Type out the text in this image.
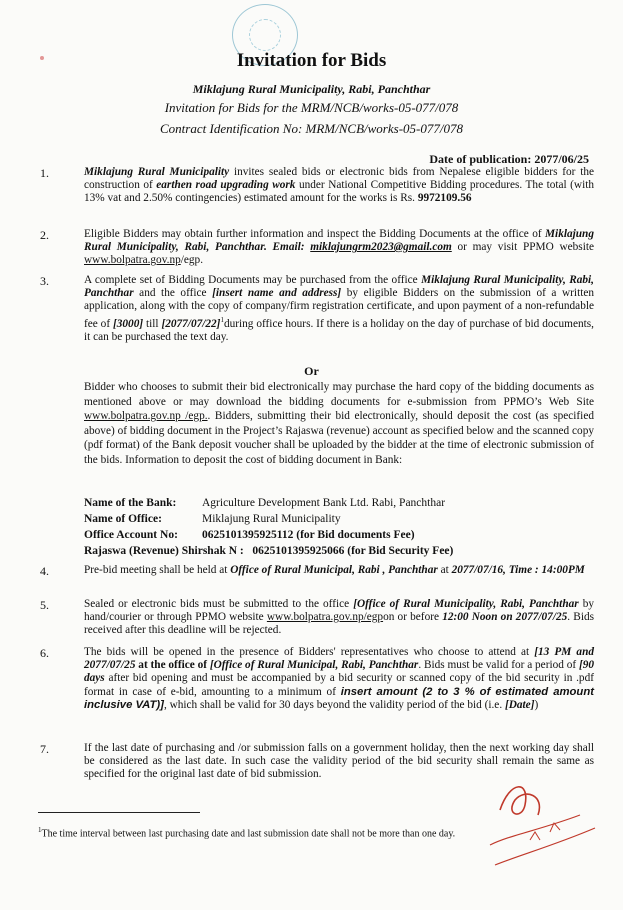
Invitation for Bids
Miklajung Rural Municipality, Rabi, Panchthar
Invitation for Bids for the MRM/NCB/works-05-077/078
Contract Identification No: MRM/NCB/works-05-077/078
Date of publication: 2077/06/25
1.	Miklajung Rural Municipality invites sealed bids or electronic bids from Nepalese eligible bidders for the construction of earthen road upgrading work under National Competitive Bidding procedures. The total (with 13% vat and 2.50% contingencies) estimated amount for the works is Rs. 9972109.56
2.	Eligible Bidders may obtain further information and inspect the Bidding Documents at the office of Miklajung Rural Municipality, Rabi, Panchthar. Email: miklajungrm2023@gmail.com or may visit PPMO website www.bolpatra.gov.np/egp.
3.	A complete set of Bidding Documents may be purchased from the office Miklajung Rural Municipality, Rabi, Panchthar and the office [insert name and address] by eligible Bidders on the submission of a written application, along with the copy of company/firm registration certificate, and upon payment of a non-refundable fee of [3000] till $[2077/07/22]^1during$ office hours. If there is a holiday on the day of purchase of bid documents, it can be purchased the text day.
Or
Bidder who chooses to submit their bid electronically may purchase the hard copy of the bidding documents as mentioned above or may download the bidding documents for e-submission from PPMO’s Web Site www.bolpatra.gov.np /egp.. Bidders, submitting their bid electronically, should deposit the cost (as specified above) of bidding document in the Project’s Rajaswa (revenue) account as specified below and the scanned copy (pdf format) of the Bank deposit voucher shall be uploaded by the bidder at the time of electronic submission of the bids. Information to deposit the cost of bidding document in Bank:
Name of the Bank: Agriculture Development Bank Ltd. Rabi, Panchthar
Name of Office:	Miklajung Rural Municipality
Office Account No: 0625101395925112 (for Bid documents Fee)
Rajaswa (Revenue) Shirshak N : 0625101395925066 (for Bid Security Fee)
4.	Pre-bid meeting shall be held at Office of Rural Municipal, Rabi , Panchthar at 2077/07/16, Time : 14:00PM
5.	Sealed or electronic bids must be submitted to the office [Office of Rural Municipality, Rabi, Panchthar by hand/courier or through PPMO website www.bolpatra.gov.np/egpon or before 12:00 Noon on 2077/07/25. Bids received after this deadline will be rejected.
6.	The bids will be opened in the presence of Bidders' representatives who choose to attend at [13 PM and 2077/07/25 at the office of [Office of Rural Municipal, Rabi, Panchthar. Bids must be valid for a period of [90 days after bid opening and must be accompanied by a bid security or scanned copy of the bid security in .pdf format in case of e-bid, amounting to a minimum of insert amount (2 to 3 % of estimated amount inclusive VAT)], which shall be valid for 30 days beyond the validity period of the bid (i.e. [Date])
7.	If the last date of purchasing and /or submission falls on a government holiday, then the next working day shall be considered as the last date. In such case the validity period of the bid security shall remain the same as specified for the original last date of bid submission.
$^1$The time interval between last purchasing date and last submission date shall not be more than one day.
